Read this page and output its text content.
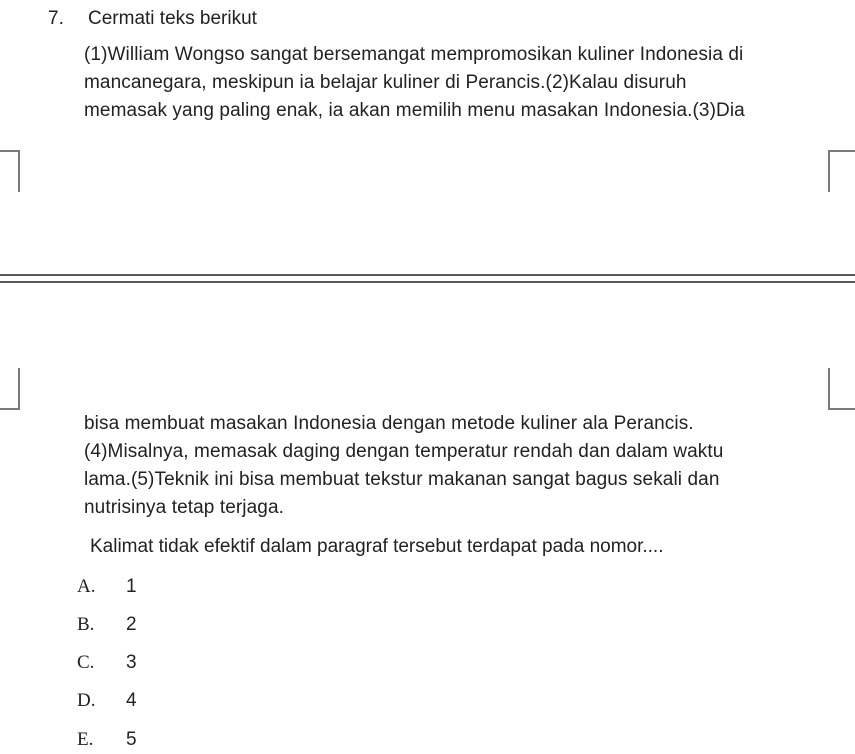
7. Cermati teks berikut
(1)William Wongso sangat bersemangat mempromosikan kuliner Indonesia di
mancanegara, meskipun ia belajar kuliner di Perancis.(2)Kalau disuruh
memasak yang paling enak, ia akan memilih menu masakan Indonesia.(3)Dia
bisa membuat masakan Indonesia dengan metode kuliner ala Perancis.
(4)Misalnya, memasak daging dengan temperatur rendah dan dalam waktu
lama.(5)Teknik ini bisa membuat tekstur makanan sangat bagus sekali dan
nutrisinya tetap terjaga.
Kalimat tidak efektif dalam paragraf tersebut terdapat pada nomor....
A. 1
B. 2
C. 3
D. 4
E. 5
